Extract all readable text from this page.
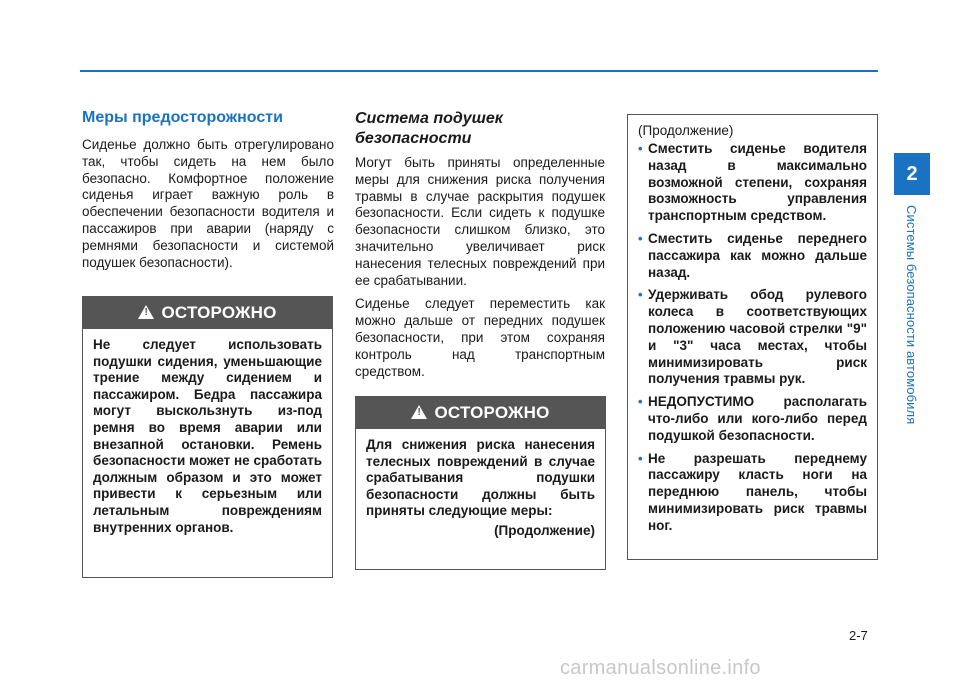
2
Системы безопасности автомобиля
Меры предосторожности

Сиденье должно быть отрегулировано так, чтобы сидеть на нем было безопасно. Комфортное положение сиденья играет важную роль в обеспечении безопасности водителя и пассажиров при аварии (наряду с ремнями безопасности и системой подушек безопасности).

!
ОСТОРОЖНО
Не следует использовать подушки сидения, уменьшающие трение между сидением и пассажиром. Бедра пассажира могут выскользнуть из-под ремня во время аварии или внезапной остановки. Ремень безопасности может не сработать должным образом и это может привести к серьезным или летальным повреждениям внутренних органов.
Система подушек безопасности

Могут быть приняты определенные меры для снижения риска получения травмы в случае раскрытия подушек безопасности. Если сидеть к подушке безопасности слишком близко, это значительно увеличивает риск нанесения телесных повреждений при ее срабатывании.

Сиденье следует переместить как можно дальше от передних подушек безопасности, при этом сохраняя контроль над транспортным средством.

!
ОСТОРОЖНО
Для снижения риска нанесения телесных повреждений в случае срабатывания подушки безопасности должны быть приняты следующие меры:
(Продолжение)
(Продолжение)
• Сместить сиденье водителя назад в максимально возможной степени, сохраняя возможность управления транспортным средством.
• Сместить сиденье переднего пассажира как можно дальше назад.
• Удерживать обод рулевого колеса в соответствующих положению часовой стрелки "9" и "3" часа местах, чтобы минимизировать риск получения травмы рук.
• НЕДОПУСТИМО располагать что-либо или кого-либо перед подушкой безопасности.
• Не разрешать переднему пассажиру класть ноги на переднюю панель, чтобы минимизировать риск травмы ног.
2-7
carmanualsonline.info
